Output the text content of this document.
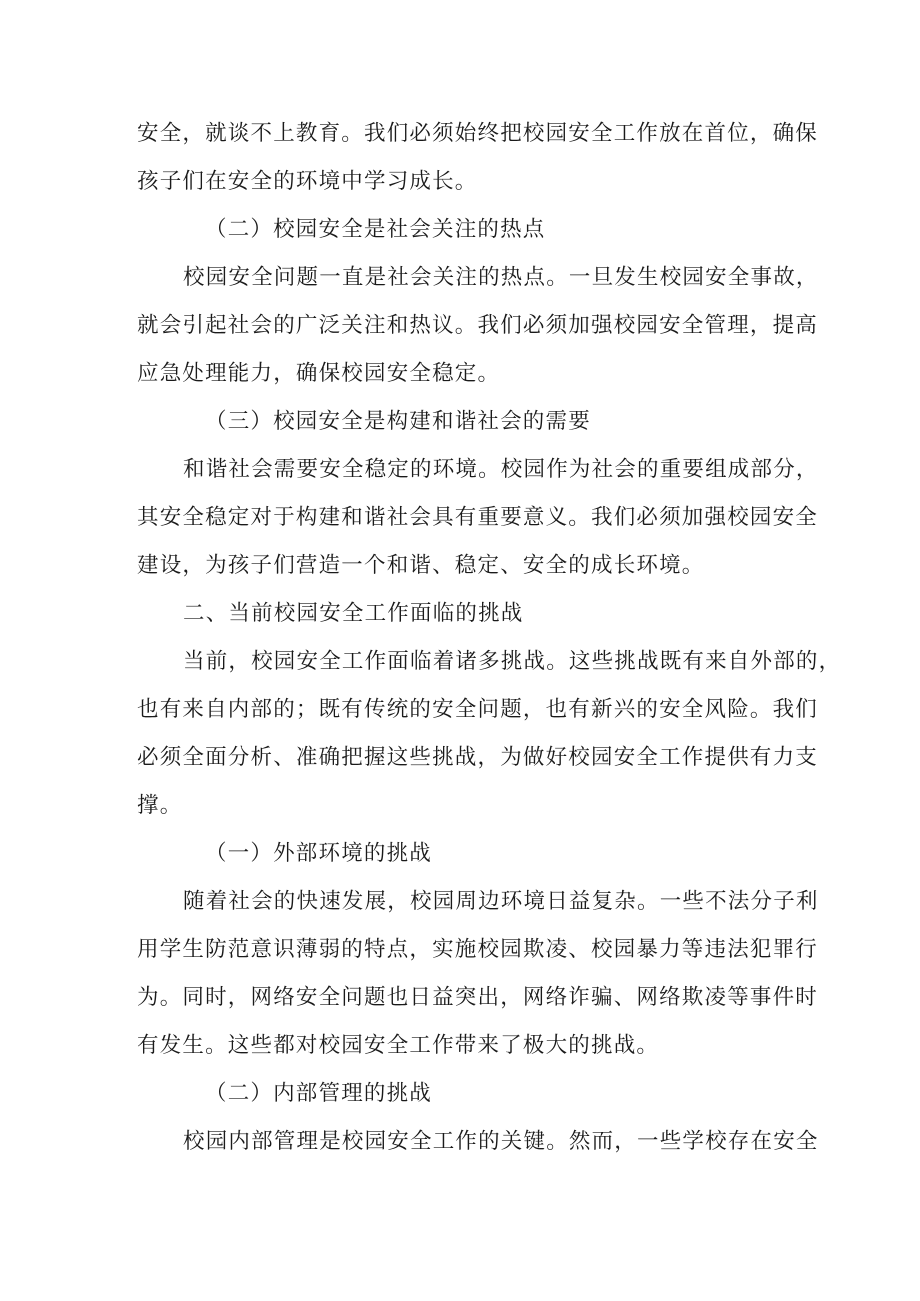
安全，就谈不上教育。我们必须始终把校园安全工作放在首位，确保
孩子们在安全的环境中学习成长。
（二）校园安全是社会关注的热点
校园安全问题一直是社会关注的热点。一旦发生校园安全事故，
就会引起社会的广泛关注和热议。我们必须加强校园安全管理，提高
应急处理能力，确保校园安全稳定。
（三）校园安全是构建和谐社会的需要
和谐社会需要安全稳定的环境。校园作为社会的重要组成部分，
其安全稳定对于构建和谐社会具有重要意义。我们必须加强校园安全
建设，为孩子们营造一个和谐、稳定、安全的成长环境。
二、当前校园安全工作面临的挑战
当前，校园安全工作面临着诸多挑战。这些挑战既有来自外部的，
也有来自内部的；既有传统的安全问题，也有新兴的安全风险。我们
必须全面分析、准确把握这些挑战，为做好校园安全工作提供有力支
撑。
（一）外部环境的挑战
随着社会的快速发展，校园周边环境日益复杂。一些不法分子利
用学生防范意识薄弱的特点，实施校园欺凌、校园暴力等违法犯罪行
为。同时，网络安全问题也日益突出，网络诈骗、网络欺凌等事件时
有发生。这些都对校园安全工作带来了极大的挑战。
（二）内部管理的挑战
校园内部管理是校园安全工作的关键。然而，一些学校存在安全
